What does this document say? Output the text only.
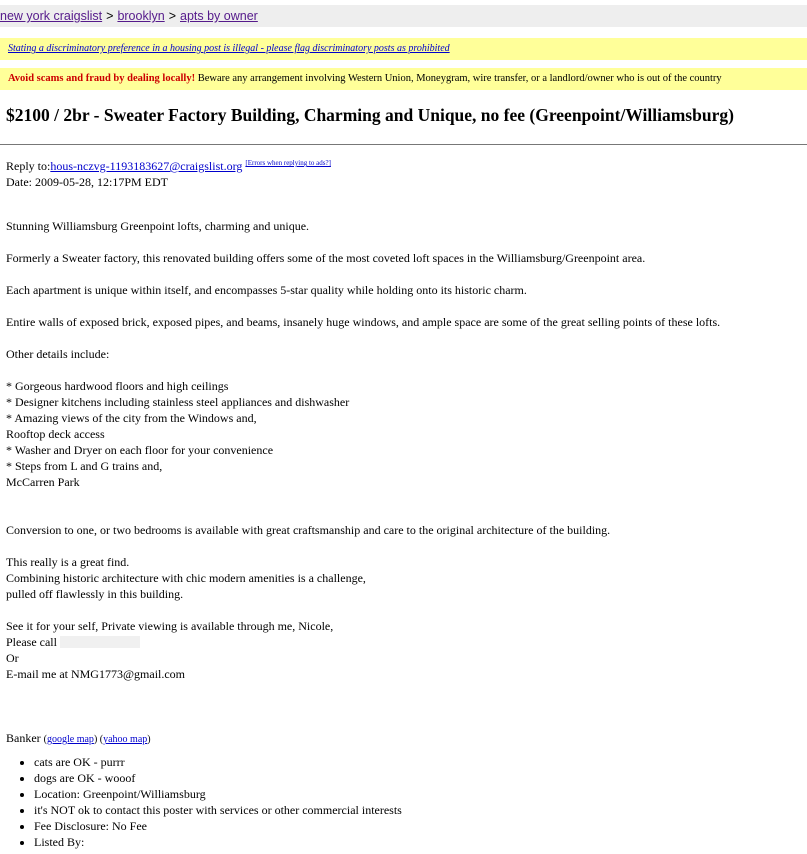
new york craigslist > brooklyn > apts by owner
Stating a discriminatory preference in a housing post is illegal - please flag discriminatory posts as prohibited
Avoid scams and fraud by dealing locally! Beware any arrangement involving Western Union, Moneygram, wire transfer, or a landlord/owner who is out of the country
$2100 / 2br - Sweater Factory Building, Charming and Unique, no fee (Greenpoint/Williamsburg)
Reply to:hous-nczvg-1193183627@craigslist.org [Errors when replying to ads?]
Date: 2009-05-28, 12:17PM EDT

Stunning Williamsburg Greenpoint lofts, charming and unique.

Formerly a Sweater factory, this renovated building offers some of the most coveted loft spaces in the Williamsburg/Greenpoint area.

Each apartment is unique within itself, and encompasses 5-star quality while holding onto its historic charm.

Entire walls of exposed brick, exposed pipes, and beams, insanely huge windows, and ample space are some of the great selling points of these lofts.

Other details include:

* Gorgeous hardwood floors and high ceilings

* Designer kitchens including stainless steel appliances and dishwasher

* Amazing views of the city from the Windows and,

Rooftop deck access

* Washer and Dryer on each floor for your convenience

* Steps from L and G trains and,

McCarren Park

Conversion to one, or two bedrooms is available with great craftsmanship and care to the original architecture of the building.

This really is a great find.

Combining historic architecture with chic modern amenities is a challenge,

pulled off flawlessly in this building.

See it for your self, Private viewing is available through me, Nicole,

Please call

Or

E-mail me at NMG1773@gmail.com

Banker (google map) (yahoo map)

• cats are OK - purrr
• dogs are OK - wooof
• Location: Greenpoint/Williamsburg
• it's NOT ok to contact this poster with services or other commercial interests
• Fee Disclosure: No Fee
• Listed By:
